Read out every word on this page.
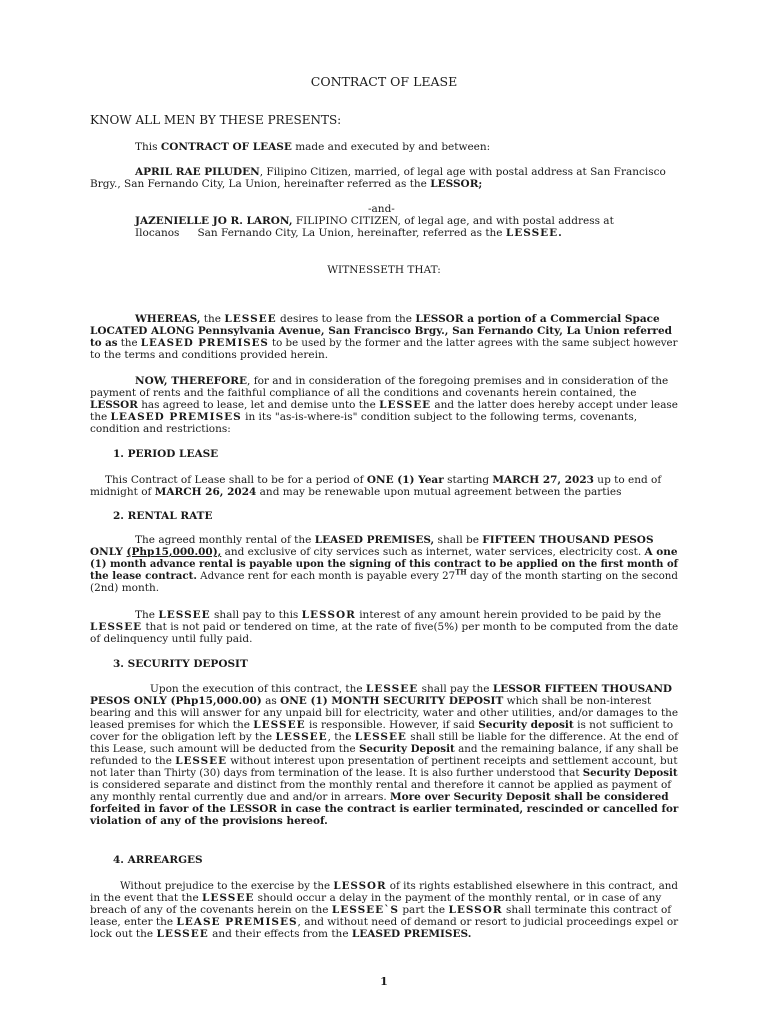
CONTRACT OF LEASE
KNOW ALL MEN BY THESE PRESENTS:
This CONTRACT OF LEASE made and executed by and between:
APRIL RAE PILUDEN, Filipino Citizen, married, of legal age with postal address at San Francisco
Brgy., San Fernando City, La Union, hereinafter referred as the LESSOR;
-and-
JAZENIELLE JO R. LARON, FILIPINO CITIZEN, of legal age, and with postal address at
Ilocanos San Fernando City, La Union, hereinafter, referred as the LESSEE.
WITNESSETH THAT:
WHEREAS, the LESSEE desires to lease from the LESSOR a portion of a Commercial Space
LOCATED ALONG Pennsylvania Avenue, San Francisco Brgy., San Fernando City, La Union referred
to as the LEASED PREMISES to be used by the former and the latter agrees with the same subject however
to the terms and conditions provided herein.
NOW, THEREFORE, for and in consideration of the foregoing premises and in consideration of the
payment of rents and the faithful compliance of all the conditions and covenants herein contained, the
LESSOR has agreed to lease, let and demise unto the LESSEE and the latter does hereby accept under lease
the LEASED PREMISES in its "as-is-where-is" condition subject to the following terms, covenants,
condition and restrictions:
1. PERIOD LEASE
This Contract of Lease shall to be for a period of ONE (1) Year starting MARCH 27, 2023 up to end of
midnight of MARCH 26, 2024 and may be renewable upon mutual agreement between the parties
2. RENTAL RATE
The agreed monthly rental of the LEASED PREMISES, shall be FIFTEEN THOUSAND PESOS
ONLY (Php15,000.00), and exclusive of city services such as internet, water services, electricity cost. A one
(1) month advance rental is payable upon the signing of this contract to be applied on the first month of
the lease contract. Advance rent for each month is payable every 27TH day of the month starting on the second
(2nd) month.
The LESSEE shall pay to this LESSOR interest of any amount herein provided to be paid by the
LESSEE that is not paid or tendered on time, at the rate of five(5%) per month to be computed from the date
of delinquency until fully paid.
3. SECURITY DEPOSIT
Upon the execution of this contract, the LESSEE shall pay the LESSOR FIFTEEN THOUSAND
PESOS ONLY (Php15,000.00) as ONE (1) MONTH SECURITY DEPOSIT which shall be non-interest
bearing and this will answer for any unpaid bill for electricity, water and other utilities, and/or damages to the
leased premises for which the LESSEE is responsible. However, if said Security deposit is not sufficient to
cover for the obligation left by the LESSEE, the LESSEE shall still be liable for the difference. At the end of
this Lease, such amount will be deducted from the Security Deposit and the remaining balance, if any shall be
refunded to the LESSEE without interest upon presentation of pertinent receipts and settlement account, but
not later than Thirty (30) days from termination of the lease. It is also further understood that Security Deposit
is considered separate and distinct from the monthly rental and therefore it cannot be applied as payment of
any monthly rental currently due and and/or in arrears. More over Security Deposit shall be considered
forfeited in favor of the LESSOR in case the contract is earlier terminated, rescinded or cancelled for
violation of any of the provisions hereof.
4. ARREARGES
Without prejudice to the exercise by the LESSOR of its rights established elsewhere in this contract, and
in the event that the LESSEE should occur a delay in the payment of the monthly rental, or in case of any
breach of any of the covenants herein on the LESSEE`S part the LESSOR shall terminate this contract of
lease, enter the LEASE PREMISES, and without need of demand or resort to judicial proceedings expel or
lock out the LESSEE and their effects from the LEASED PREMISES.
1
